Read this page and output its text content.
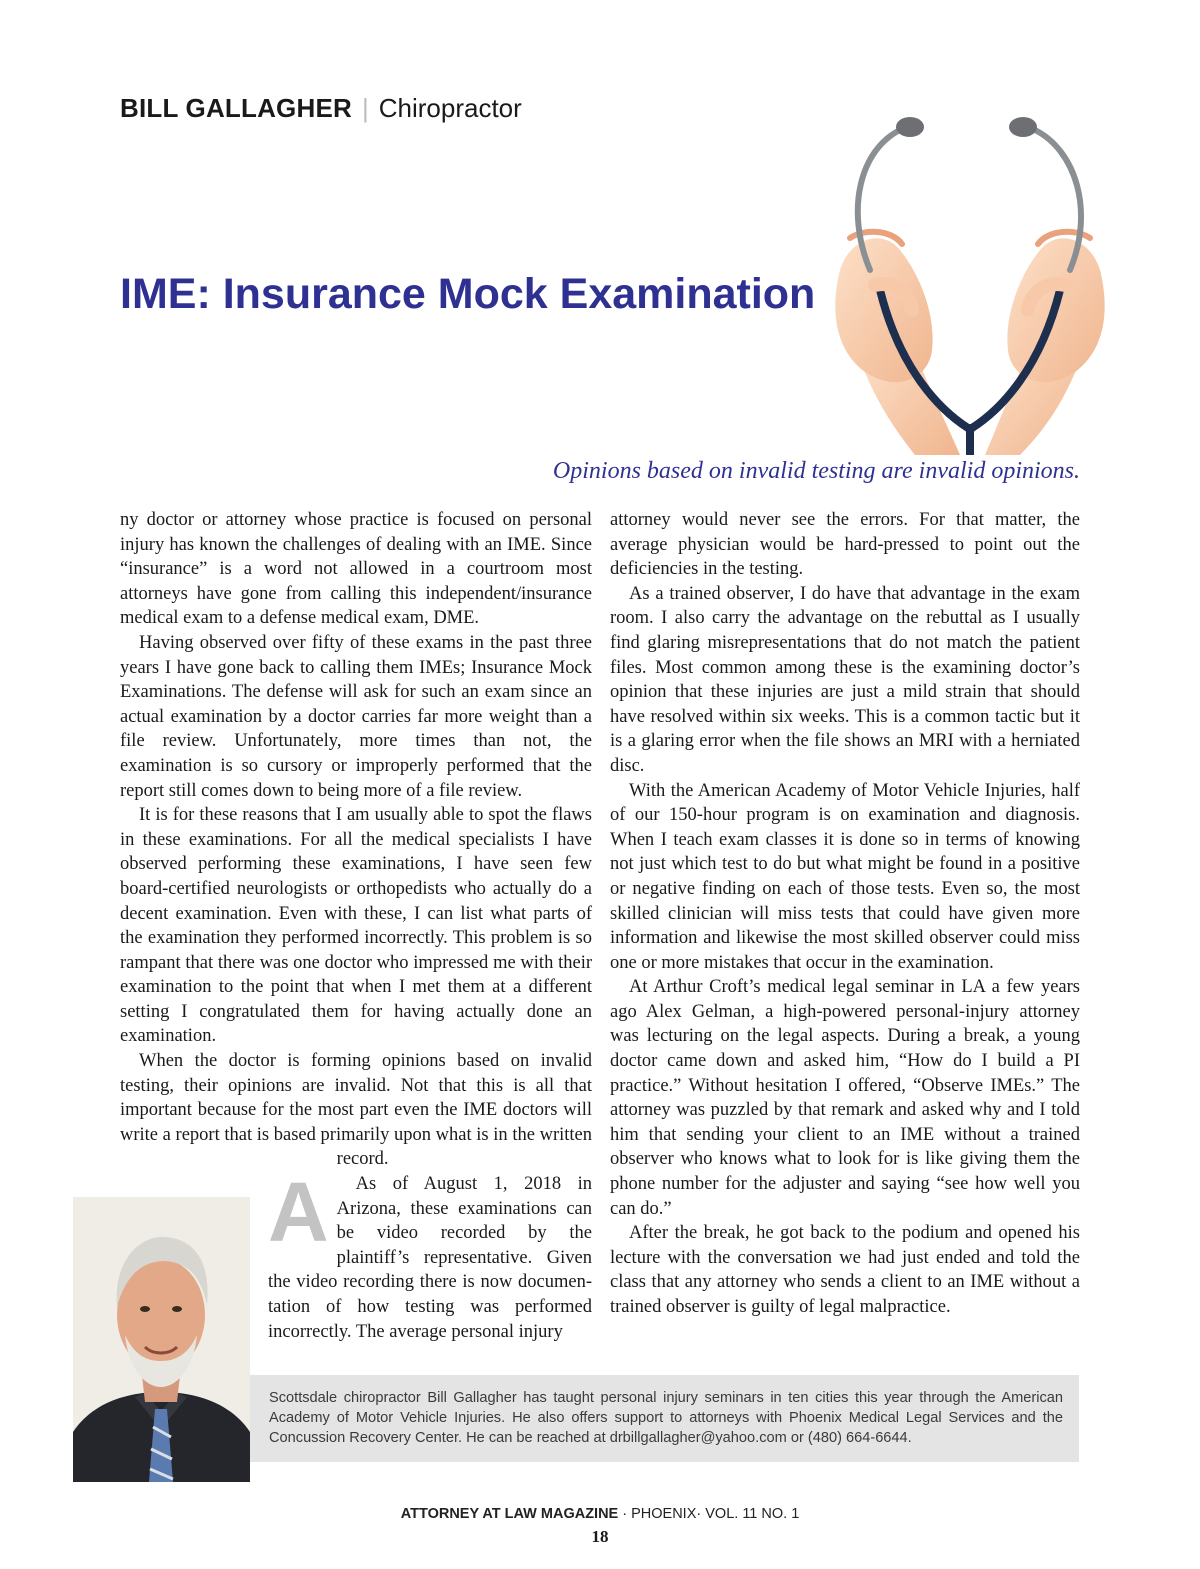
BILL GALLAGHER | Chiropractor
IME: Insurance Mock Examination
Opinions based on invalid testing are invalid opinions.
A

ny doctor or attorney whose practice is focused on personal injury has known the challenges of dealing with an IME. Since “insurance” is a word not allowed in a courtroom most attorneys have gone from calling this independent/insurance medical exam to a defense medical exam, DME.

Having observed over fifty of these exams in the past three years I have gone back to calling them IMEs; Insurance Mock Examinations. The defense will ask for such an exam since an actual examination by a doctor carries far more weight than a file review. Unfortunately, more times than not, the examination is so cursory or improperly performed that the report still comes down to being more of a file review.

It is for these reasons that I am usually able to spot the flaws in these examinations. For all the medical specialists I have observed performing these examinations, I have seen few board-certified neurologists or orthopedists who actually do a decent examination. Even with these, I can list what parts of the examination they performed incorrectly. This problem is so rampant that there was one doctor who impressed me with their examination to the point that when I met them at a different setting I congratulated them for having actually done an examination.

When the doctor is forming opinions based on invalid testing, their opinions are invalid. Not that this is all that important because for the most part even the IME doctors will write a report that is based primarily upon what is in the written record.

As of August 1, 2018 in Arizona, these examinations can be video recorded by the plaintiff’s representative. Given the video recording there is now documentation of how testing was performed incorrectly. The average personal injury

attorney would never see the errors. For that matter, the average physician would be hard-pressed to point out the deficiencies in the testing.

As a trained observer, I do have that advantage in the exam room. I also carry the advantage on the rebuttal as I usually find glaring misrepresentations that do not match the patient files. Most common among these is the examining doctor’s opinion that these injuries are just a mild strain that should have resolved within six weeks. This is a common tactic but it is a glaring error when the file shows an MRI with a herniated disc.

With the American Academy of Motor Vehicle Injuries, half of our 150-hour program is on examination and diagnosis. When I teach exam classes it is done so in terms of knowing not just which test to do but what might be found in a positive or negative finding on each of those tests. Even so, the most skilled clinician will miss tests that could have given more information and likewise the most skilled observer could miss one or more mistakes that occur in the examination.

At Arthur Croft’s medical legal seminar in LA a few years ago Alex Gelman, a high-powered personal-injury attorney was lecturing on the legal aspects. During a break, a young doctor came down and asked him, “How do I build a PI practice.” Without hesitation I offered, “Observe IMEs.” The attorney was puzzled by that remark and asked why and I told him that sending your client to an IME without a trained observer who knows what to look for is like giving them the phone number for the adjuster and saying “see how well you can do.”

After the break, he got back to the podium and opened his lecture with the conversation we had just ended and told the class that any attorney who sends a client to an IME without a trained observer is guilty of legal malpractice.

Scottsdale chiropractor Bill Gallagher has taught personal injury seminars in ten cities this year through the American Academy of Motor Vehicle Injuries. He also offers support to attorneys with Phoenix Medical Legal Services and the Concussion Recovery Center. He can be reached at drbillgallagher@yahoo.com or (480) 664-6644.
ATTORNEY AT LAW MAGAZINE · PHOENIX· VOL. 11 NO. 1
18
